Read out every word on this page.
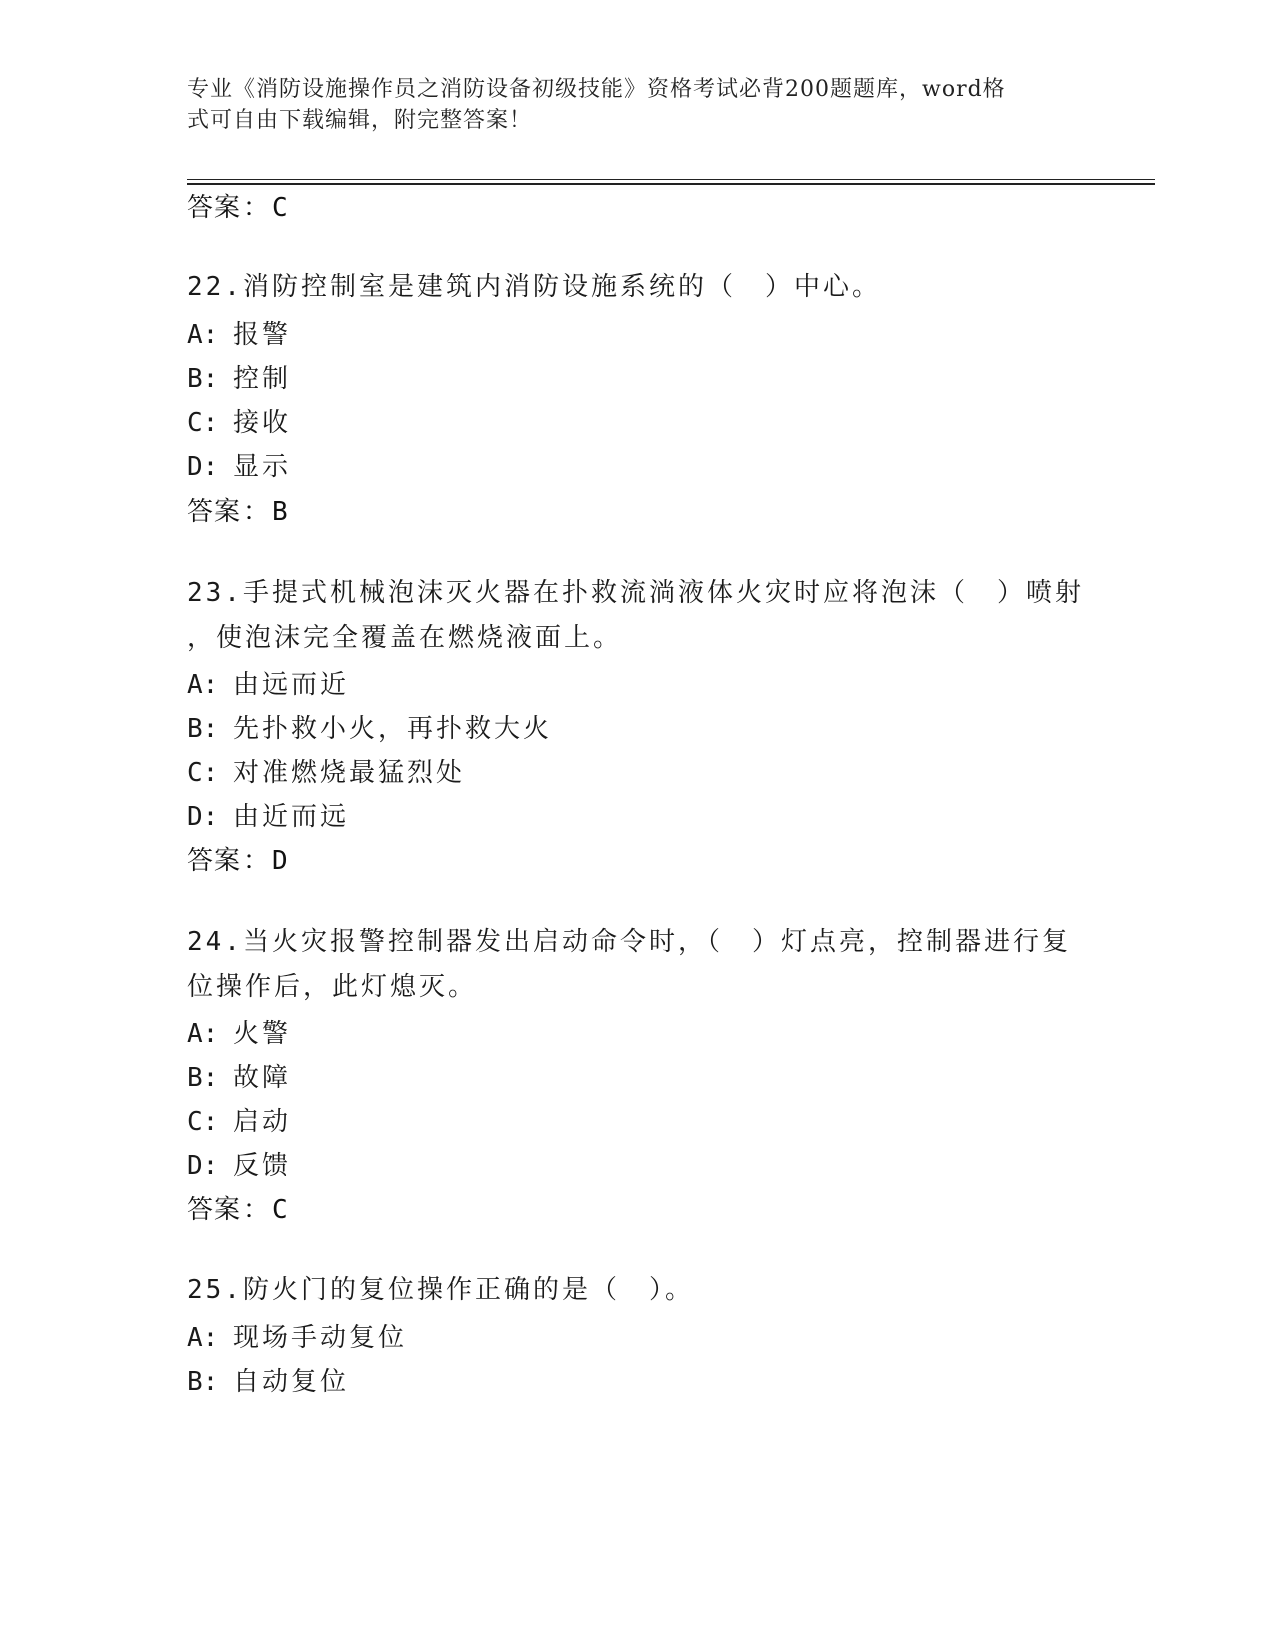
专业《消防设施操作员之消防设备初级技能》资格考试必背200题题库，word格
式可自由下载编辑，附完整答案！
答案：C
22.消防控制室是建筑内消防设施系统的（　）中心。
A: 报警
B: 控制
C: 接收
D: 显示
答案：B
23.手提式机械泡沫灭火器在扑救流淌液体火灾时应将泡沫（　）喷射
，使泡沫完全覆盖在燃烧液面上。
A: 由远而近
B: 先扑救小火，再扑救大火
C: 对准燃烧最猛烈处
D: 由近而远
答案：D
24.当火灾报警控制器发出启动命令时，（　）灯点亮，控制器进行复
位操作后，此灯熄灭。
A: 火警
B: 故障
C: 启动
D: 反馈
答案：C
25.防火门的复位操作正确的是（　）。
A: 现场手动复位
B: 自动复位
